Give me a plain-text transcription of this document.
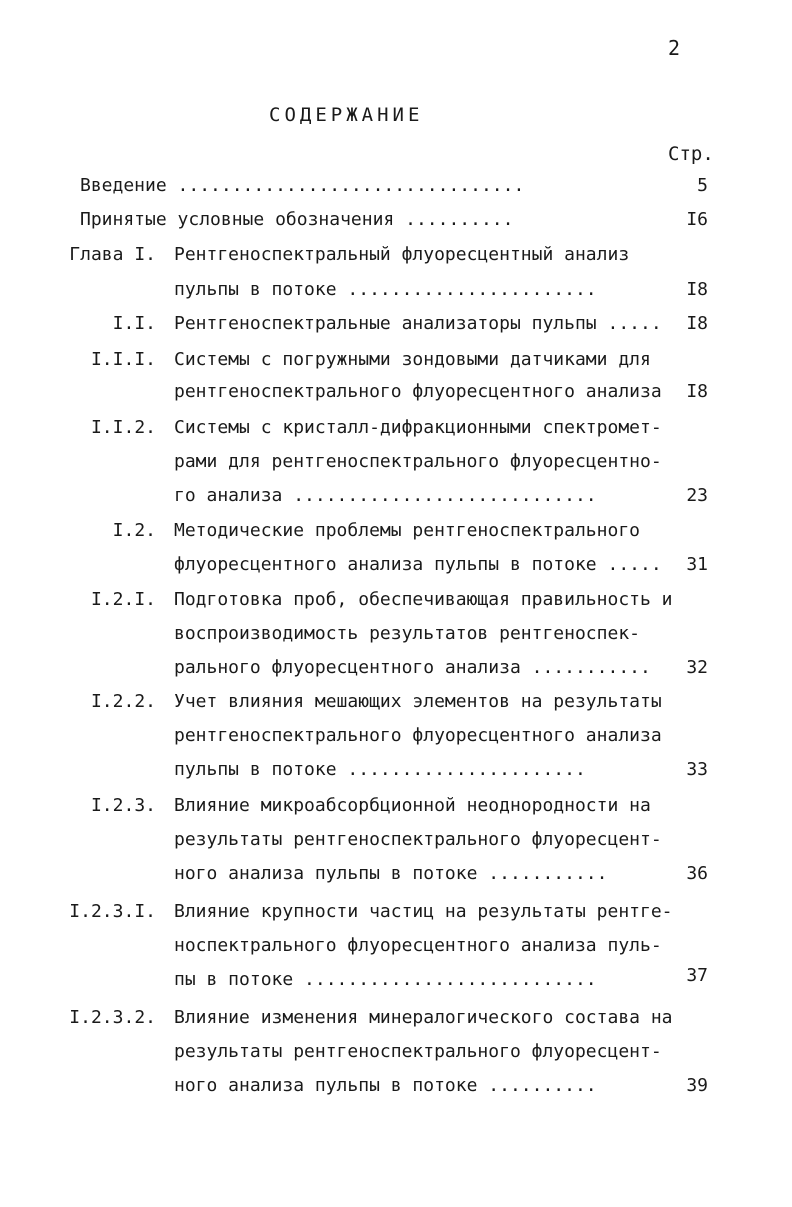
2
СОДЕРЖАНИЕ
Стр.
Введение ................................	5
Принятые условные обозначения ..........	I6
Глава I. Рентгеноспектральный флуоресцентный анализ
пульпы в потоке .......................	I8
I.I. Рентгеноспектральные анализаторы пульпы ..... I8
I.I.I. Системы с погружными зондовыми датчиками для
рентгеноспектрального флуоресцентного анализа I8
I.I.2. Системы с кристалл-дифракционными спектромет-
рами для рентгеноспектрального флуоресцентно-
го анализа ............................	23
I.2. Методические проблемы рентгеноспектрального
флуоресцентного анализа пульпы в потоке ..... 31
I.2.I. Подготовка проб, обеспечивающая правильность и
воспроизводимость результатов рентгеноспек-
рального флуоресцентного анализа ........... 32
I.2.2. Учет влияния мешающих элементов на результаты
рентгеноспектрального флуоресцентного анализа
пульпы в потоке ......................	33
I.2.3. Влияние микроабсорбционной неоднородности на
результаты рентгеноспектрального флуоресцент-
ного анализа пульпы в потоке ...........	36
I.2.3.I. Влияние крупности частиц на результаты рентге-
носпектрального флуоресцентного анализа пуль-
пы в потоке ...........................	37
I.2.3.2. Влияние изменения минералогического состава на
результаты рентгеноспектрального флуоресцент-
ного анализа пульпы в потоке ..........	39
